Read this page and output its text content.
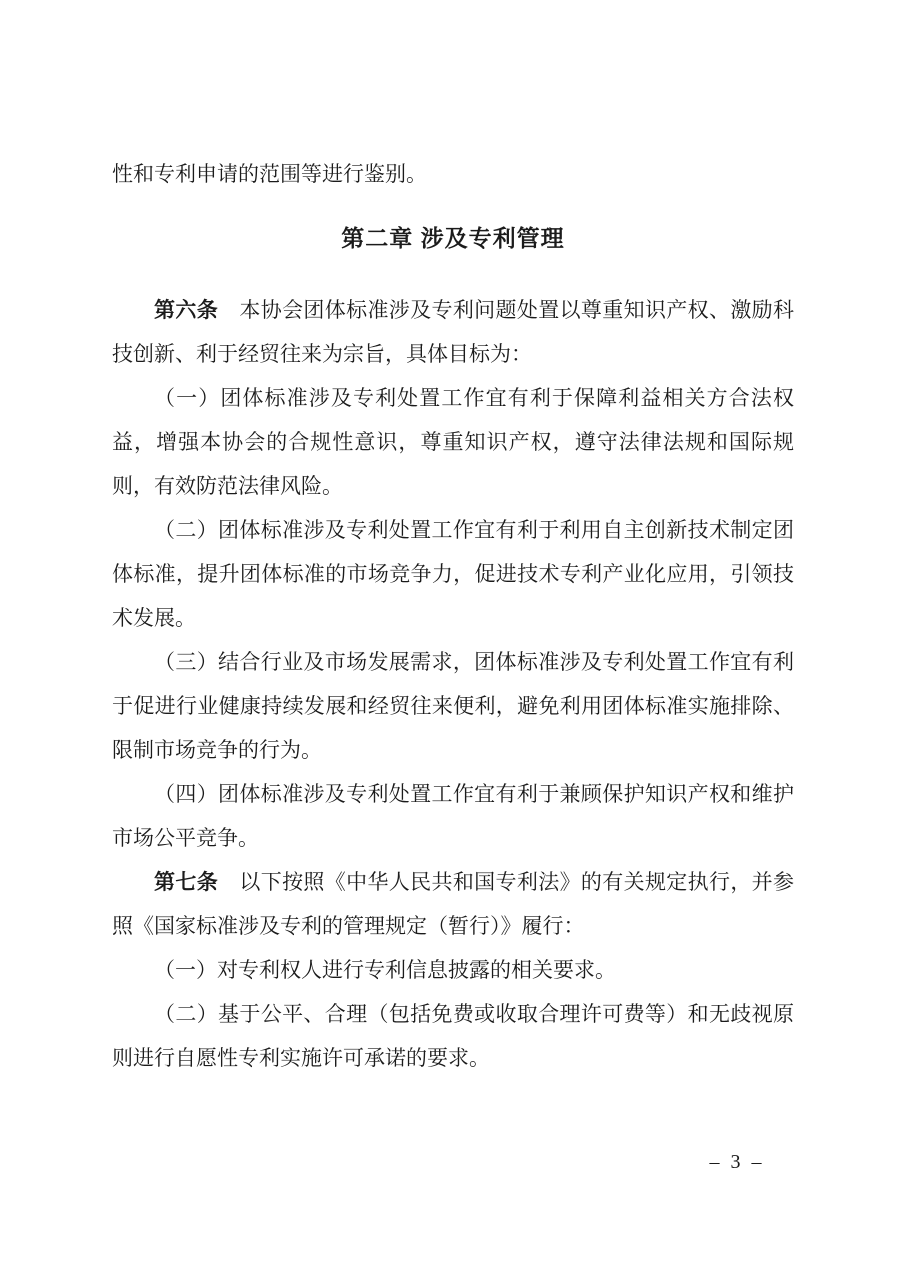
性和专利申请的范围等进行鉴别。
第二章 涉及专利管理

第六条　本协会团体标准涉及专利问题处置以尊重知识产权、激励科技创新、利于经贸往来为宗旨，具体目标为：

（一）团体标准涉及专利处置工作宜有利于保障利益相关方合法权益，增强本协会的合规性意识，尊重知识产权，遵守法律法规和国际规则，有效防范法律风险。

（二）团体标准涉及专利处置工作宜有利于利用自主创新技术制定团体标准，提升团体标准的市场竞争力，促进技术专利产业化应用，引领技术发展。

（三）结合行业及市场发展需求，团体标准涉及专利处置工作宜有利于促进行业健康持续发展和经贸往来便利，避免利用团体标准实施排除、限制市场竞争的行为。

（四）团体标准涉及专利处置工作宜有利于兼顾保护知识产权和维护市场公平竞争。

第七条　以下按照《中华人民共和国专利法》的有关规定执行，并参照《国家标准涉及专利的管理规定（暂行）》履行：

（一）对专利权人进行专利信息披露的相关要求。

（二）基于公平、合理（包括免费或收取合理许可费等）和无歧视原则进行自愿性专利实施许可承诺的要求。

– 3 –
